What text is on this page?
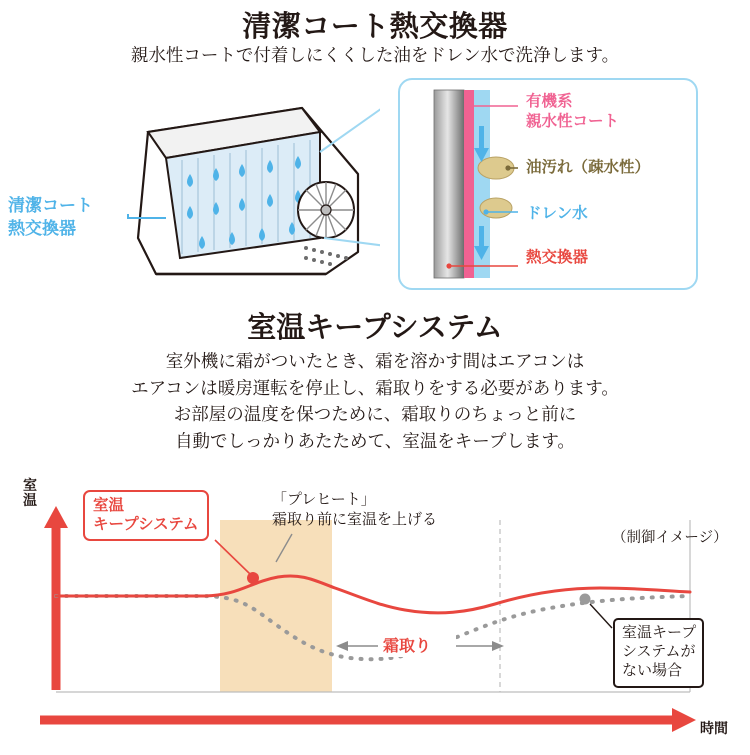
清潔コート熱交換器
親水性コートで付着しにくくした油をドレン水で洗浄します。
清潔コート
熱交換器
有機系
親水性コート
油汚れ（疎水性）
ドレン水
熱交換器
室温キープシステム
室外機に霜がついたとき、霜を溶かす間はエアコンは
エアコンは暖房運転を停止し、霜取りをする必要があります。
お部屋の温度を保つために、霜取りのちょっと前に
自動でしっかりあたためて、室温をキープします。
室
温
時間
室温
キープシステム
「プレヒート」
霜取り前に室温を上げる
（制御イメージ）
霜取り
室温キープ
システムが
ない場合
